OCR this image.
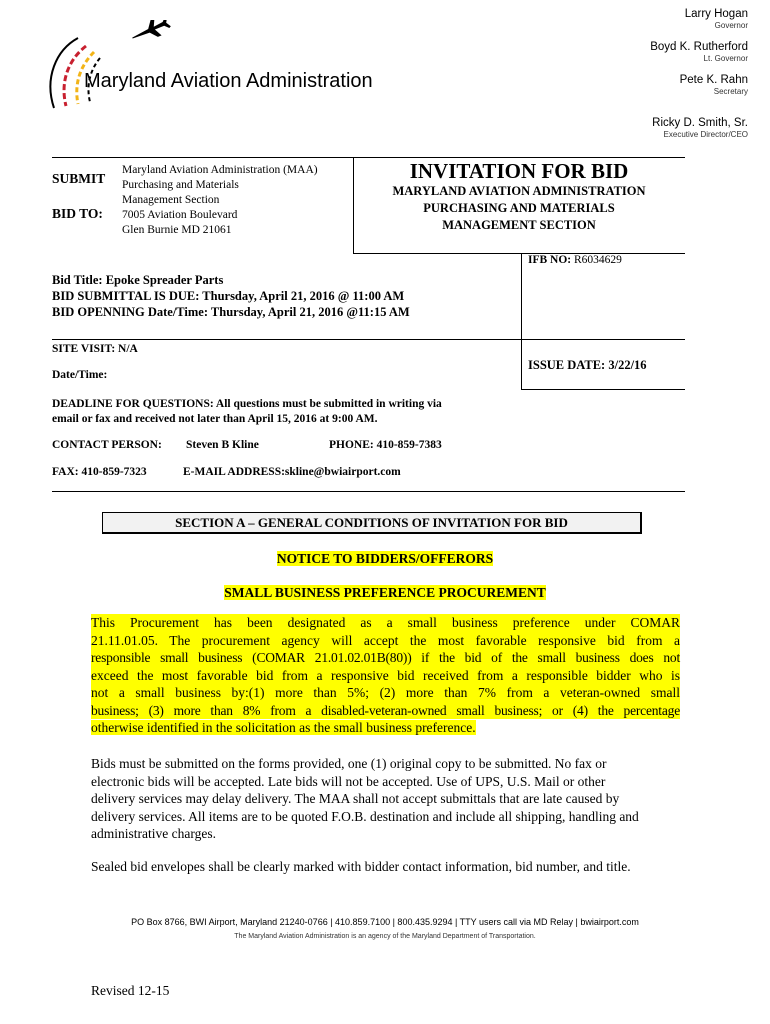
Maryland Aviation Administration
Larry Hogan
Governor
Boyd K. Rutherford
Lt. Governor
Pete K. Rahn
Secretary
Ricky D. Smith, Sr.
Executive Director/CEO
SUBMIT
BID TO:
Maryland Aviation Administration (MAA)
Purchasing and Materials
Management Section
7005 Aviation Boulevard
Glen Burnie MD 21061
INVITATION FOR BID
MARYLAND AVIATION ADMINISTRATION
PURCHASING AND MATERIALS
MANAGEMENT SECTION
IFB NO: R6034629
Bid Title: Epoke Spreader Parts
BID SUBMITTAL IS DUE: Thursday, April 21, 2016 @ 11:00 AM
BID OPENNING Date/Time: Thursday, April 21, 2016 @11:15 AM
SITE VISIT: N/A
Date/Time:
ISSUE DATE: 3/22/16
DEADLINE FOR QUESTIONS: All questions must be submitted in writing via
email or fax and received not later than April 15, 2016 at 9:00 AM.
CONTACT PERSON: Steven B Kline	PHONE: 410-859-7383
FAX: 410-859-7323	E-MAIL ADDRESS:skline@bwiairport.com
SECTION A – GENERAL CONDITIONS OF INVITATION FOR BID
NOTICE TO BIDDERS/OFFERORS
SMALL BUSINESS PREFERENCE PROCUREMENT
This Procurement has been designated as a small business preference under COMAR
21.11.01.05. The procurement agency will accept the most favorable responsive bid from a
responsible small business (COMAR 21.01.02.01B(80)) if the bid of the small business does not
exceed the most favorable bid from a responsive bid received from a responsible bidder who is
not a small business by:(1) more than 5%; (2) more than 7% from a veteran-owned small
business; (3) more than 8% from a disabled-veteran-owned small business; or (4) the percentage
otherwise identified in the solicitation as the small business preference.
Bids must be submitted on the forms provided, one (1) original copy to be submitted. No fax or electronic bids will be accepted. Late bids will not be accepted. Use of UPS, U.S. Mail or other delivery services may delay delivery. The MAA shall not accept submittals that are late caused by delivery services. All items are to be quoted F.O.B. destination and include all shipping, handling and administrative charges.
Sealed bid envelopes shall be clearly marked with bidder contact information, bid number, and title.
PO Box 8766, BWI Airport, Maryland 21240-0766 | 410.859.7100 | 800.435.9294 | TTY users call via MD Relay | bwiairport.com
The Maryland Aviation Administration is an agency of the Maryland Department of Transportation.
Revised 12-15
